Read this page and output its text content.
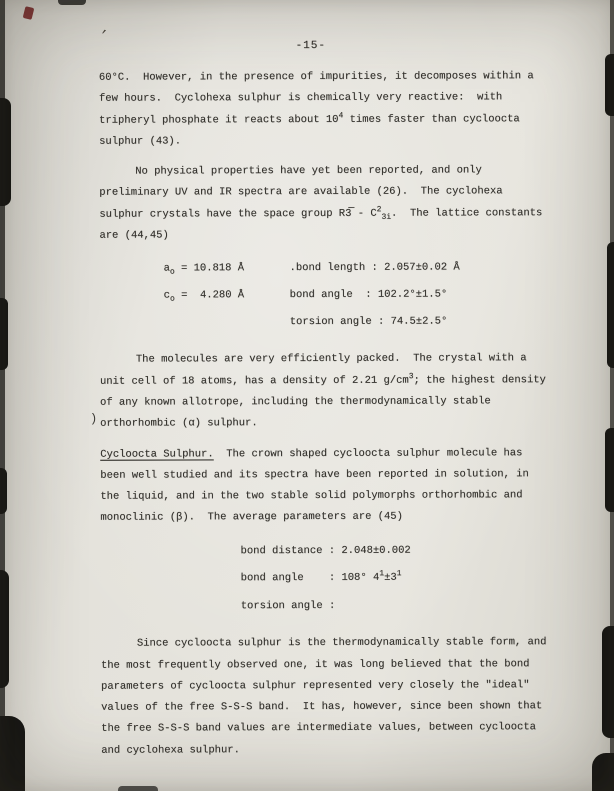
-15-

60°C.  However, in the presence of impurities, it decomposes within a few hours.  Cyclohexa sulphur is chemically very reactive:  with tripheryl phosphate it reacts about $10^4$ times faster than cycloocta sulphur (43).

No physical properties have yet been reported, and only preliminary UV and IR spectra are available (26).  The cyclohexa sulphur crystals have the space group R3̅ - $C^2_{3i}$.  The lattice constants are (44,45)

$a_o = 10.818$ Å	.bond length : 2.057±0.02 Å
$c_o = 4.280$ Å	bond angle  : 102.2°±1.5°
torsion angle : 74.5±2.5°

The molecules are very efficiently packed.  The crystal with a unit cell of 18 atoms, has a density of 2.21 $g/cm^3$; the highest density of any known allotrope, including the thermodynamically stable orthorhombic (α) sulphur.

Cycloocta Sulphur.  The crown shaped cycloocta sulphur molecule has been well studied and its spectra have been reported in solution, in the liquid, and in the two stable solid polymorphs orthorhombic and monoclinic (β).  The average parameters are (45)

bond distance : 2.048±0.002
bond angle    : 108° $4^1\pm 3^1$
torsion angle :

Since cycloocta sulphur is the thermodynamically stable form, and the most frequently observed one, it was long believed that the bond parameters of cycloocta sulphur represented very closely the "ideal" values of the free S-S-S band.  It has, however, since been shown that the free S-S-S band values are intermediate values, between cycloocta and cyclohexa sulphur.

)
’
